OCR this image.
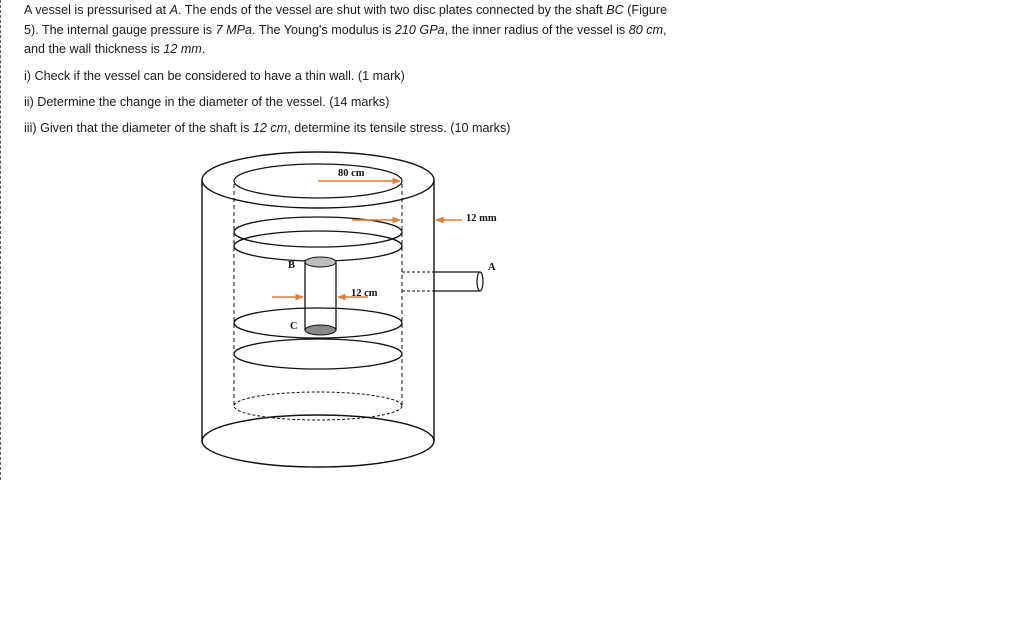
A vessel is pressurised at A. The ends of the vessel are shut with two disc plates connected by the shaft BC (Figure 5). The internal gauge pressure is 7 MPa. The Young's modulus is 210 GPa, the inner radius of the vessel is 80 cm, and the wall thickness is 12 mm.

i) Check if the vessel can be considered to have a thin wall. (1 mark)

ii) Determine the change in the diameter of the vessel. (14 marks)

iii) Given that the diameter of the shaft is 12 cm, determine its tensile stress. (10 marks)

80 cm
12 mm
12 cm
B
C
A
